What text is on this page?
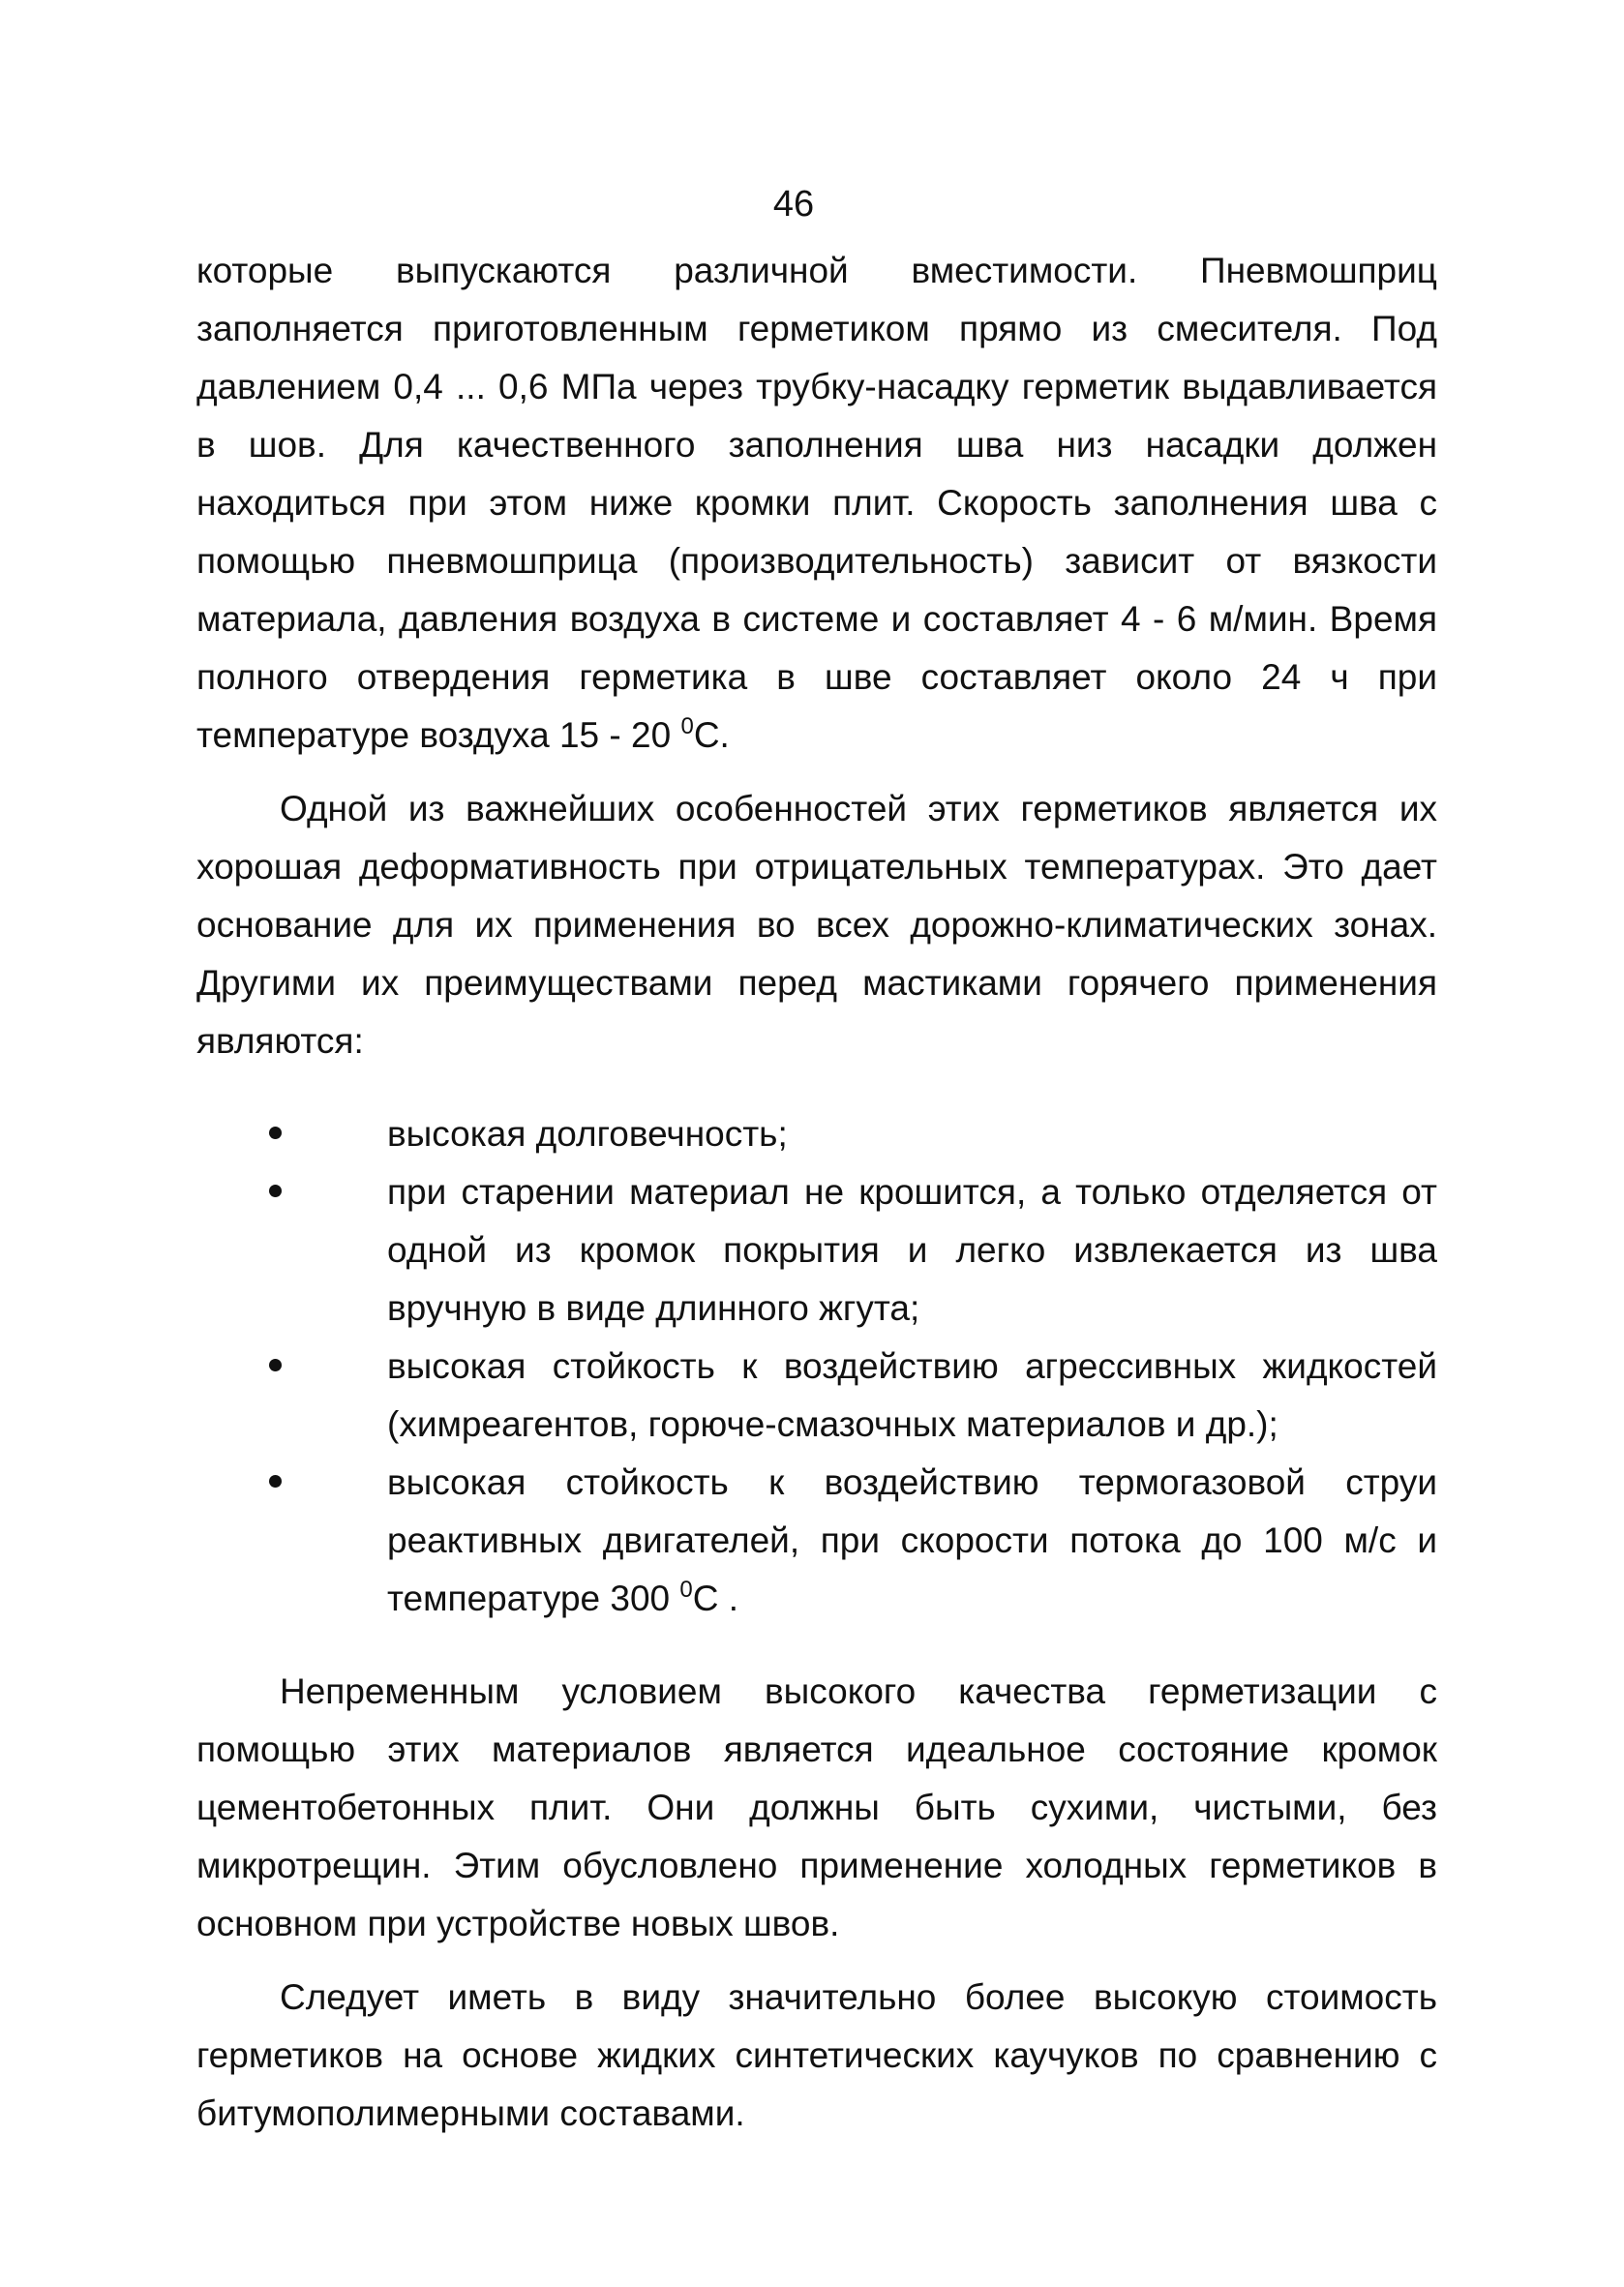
46

которые выпускаются различной вместимости. Пневмошприц заполняется приготовленным герметиком прямо из смесителя. Под давлением 0,4 ... 0,6 МПа через трубку-насадку герметик выдавливается в шов. Для качественного заполнения шва низ насадки должен находиться при этом ниже кромки плит. Скорость заполнения шва с помощью пневмошприца (производительность) зависит от вязкости материала, давления воздуха в системе и составляет 4 - 6 м/мин. Время полного отвердения герметика в шве составляет около 24 ч при температуре воздуха 15 - 20 $^0$С.

Одной из важнейших особенностей этих герметиков является их хорошая деформативность при отрицательных температурах. Это дает основание для их применения во всех дорожно-климатических зонах. Другими их преимуществами перед мастиками горячего применения являются:

высокая долговечность;
при старении материал не крошится, а только отделяется от одной из кромок покрытия и легко извлекается из шва вручную в виде длинного жгута;
высокая стойкость к воздействию агрессивных жидкостей (химреагентов, горюче-смазочных материалов и др.);
высокая стойкость к воздействию термогазовой струи реактивных двигателей, при скорости потока до 100 м/с и температуре 300 $^0$С .

Непременным условием высокого качества герметизации с помощью этих материалов является идеальное состояние кромок цементобетонных плит. Они должны быть сухими, чистыми, без микротрещин. Этим обусловлено применение холодных герметиков в основном при устройстве новых швов.

Следует иметь в виду значительно более высокую стоимость герметиков на основе жидких синтетических каучуков по сравнению с битумополимерными составами.
